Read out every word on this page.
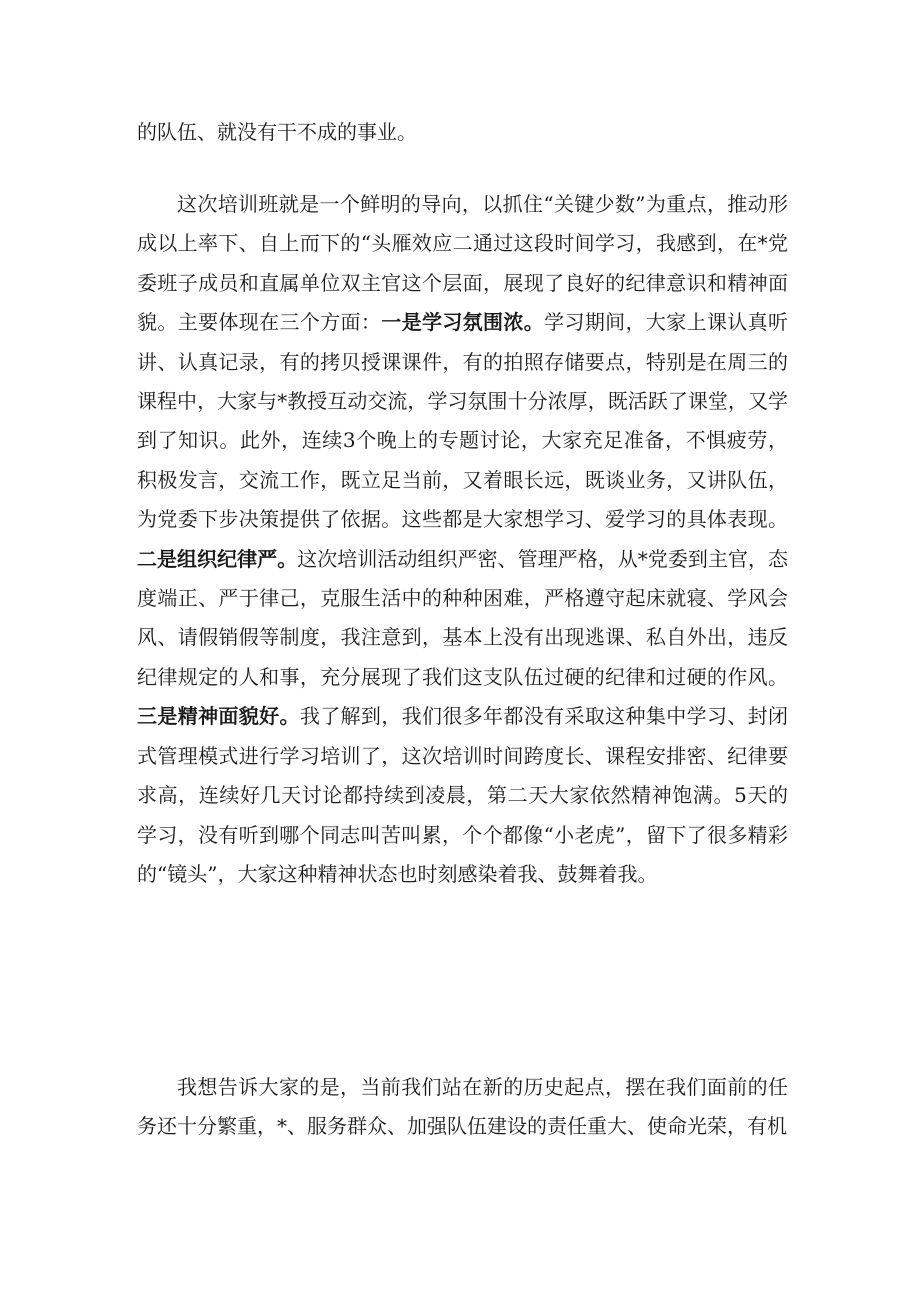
的队伍、就没有干不成的事业。
这次培训班就是一个鲜明的导向，以抓住“关键少数”为重点，推动形成以上率下、自上而下的“头雁效应二通过这段时间学习，我感到，在*党委班子成员和直属单位双主官这个层面，展现了良好的纪律意识和精神面貌。主要体现在三个方面：一是学习氛围浓。学习期间，大家上课认真听讲、认真记录，有的拷贝授课课件，有的拍照存储要点，特别是在周三的课程中，大家与*教授互动交流，学习氛围十分浓厚，既活跃了课堂，又学到了知识。此外，连续3个晚上的专题讨论，大家充足准备，不惧疲劳，积极发言，交流工作，既立足当前，又着眼长远，既谈业务，又讲队伍，为党委下步决策提供了依据。这些都是大家想学习、爱学习的具体表现。二是组织纪律严。这次培训活动组织严密、管理严格，从*党委到主官，态度端正、严于律己，克服生活中的种种困难，严格遵守起床就寝、学风会风、请假销假等制度，我注意到，基本上没有出现逃课、私自外出，违反纪律规定的人和事，充分展现了我们这支队伍过硬的纪律和过硬的作风。三是精神面貌好。我了解到，我们很多年都没有采取这种集中学习、封闭式管理模式进行学习培训了，这次培训时间跨度长、课程安排密、纪律要求高，连续好几天讨论都持续到凌晨，第二天大家依然精神饱满。5天的学习，没有听到哪个同志叫苦叫累，个个都像“小老虎”，留下了很多精彩的“镜头”，大家这种精神状态也时刻感染着我、鼓舞着我。
我想告诉大家的是，当前我们站在新的历史起点，摆在我们面前的任务还十分繁重，*、服务群众、加强队伍建设的责任重大、使命光荣，有机
